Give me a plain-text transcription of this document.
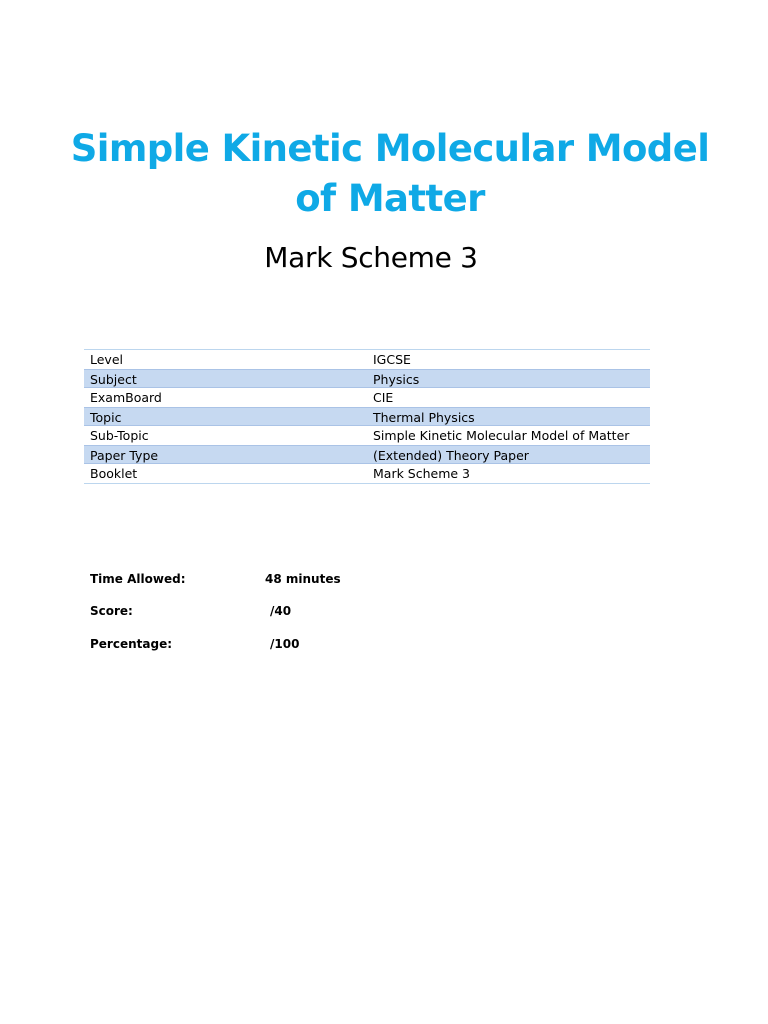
Simple Kinetic Molecular Model
of Matter
Mark Scheme 3
Level	IGCSE
Subject	Physics
ExamBoard	CIE
Topic	Thermal Physics
Sub-Topic	Simple Kinetic Molecular Model of Matter
Paper Type	(Extended) Theory Paper
Booklet	Mark Scheme 3
Time Allowed:	48 minutes
Score:	/40
Percentage:	/100
